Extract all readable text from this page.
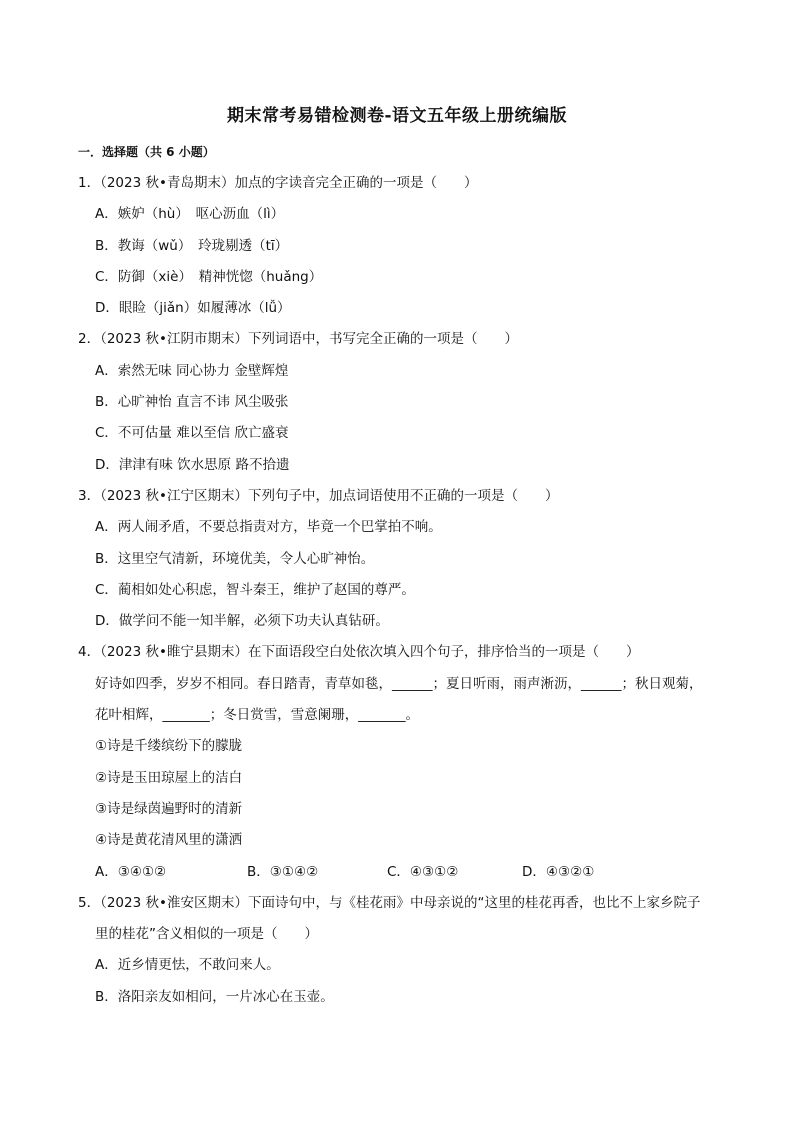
期末常考易错检测卷-语文五年级上册统编版
一．选择题（共 6 小题）
1．（2023 秋•青岛期末）加点的字读音完全正确的一项是（　　）
A．嫉妒（hù）　呕心沥血（lì）
B．教诲（wǔ）　玲珑剔透（tī）
C．防御（xiè）　精神恍惚（huǎng）
D．眼睑（jiǎn）如履薄冰（lǚ）
2．（2023 秋•江阴市期末）下列词语中，书写完全正确的一项是（　　）
A．索然无味 同心协力 金壁辉煌
B．心旷神怡 直言不讳 风尘吸张
C．不可估量 难以至信 欣亡盛衰
D．津津有味 饮水思原 路不拾遗
3．（2023 秋•江宁区期末）下列句子中，加点词语使用不正确的一项是（　　）
A．两人闹矛盾，不要总指责对方，毕竟一个巴掌拍不响。
B．这里空气清新，环境优美，令人心旷神怡。
C．蔺相如处心积虑，智斗秦王，维护了赵国的尊严。
D．做学问不能一知半解，必须下功夫认真钻研。
4．（2023 秋•睢宁县期末）在下面语段空白处依次填入四个句子，排序恰当的一项是（　　）
好诗如四季，岁岁不相同。春日踏青，青草如毯，______；夏日听雨，雨声淅沥，______；秋日观菊，
花叶相辉，_______；冬日赏雪，雪意阑珊，_______。
①诗是千缕缤纷下的朦胧
②诗是玉田琼屋上的洁白
③诗是绿茵遍野时的清新
④诗是黄花清风里的潇洒
A．③④①②	B．③①④②	C．④③①②	D．④③②①
5．（2023 秋•淮安区期末）下面诗句中，与《桂花雨》中母亲说的“这里的桂花再香，也比不上家乡院子
里的桂花”含义相似的一项是（　　）
A．近乡情更怯，不敢问来人。
B．洛阳亲友如相问，一片冰心在玉壶。
